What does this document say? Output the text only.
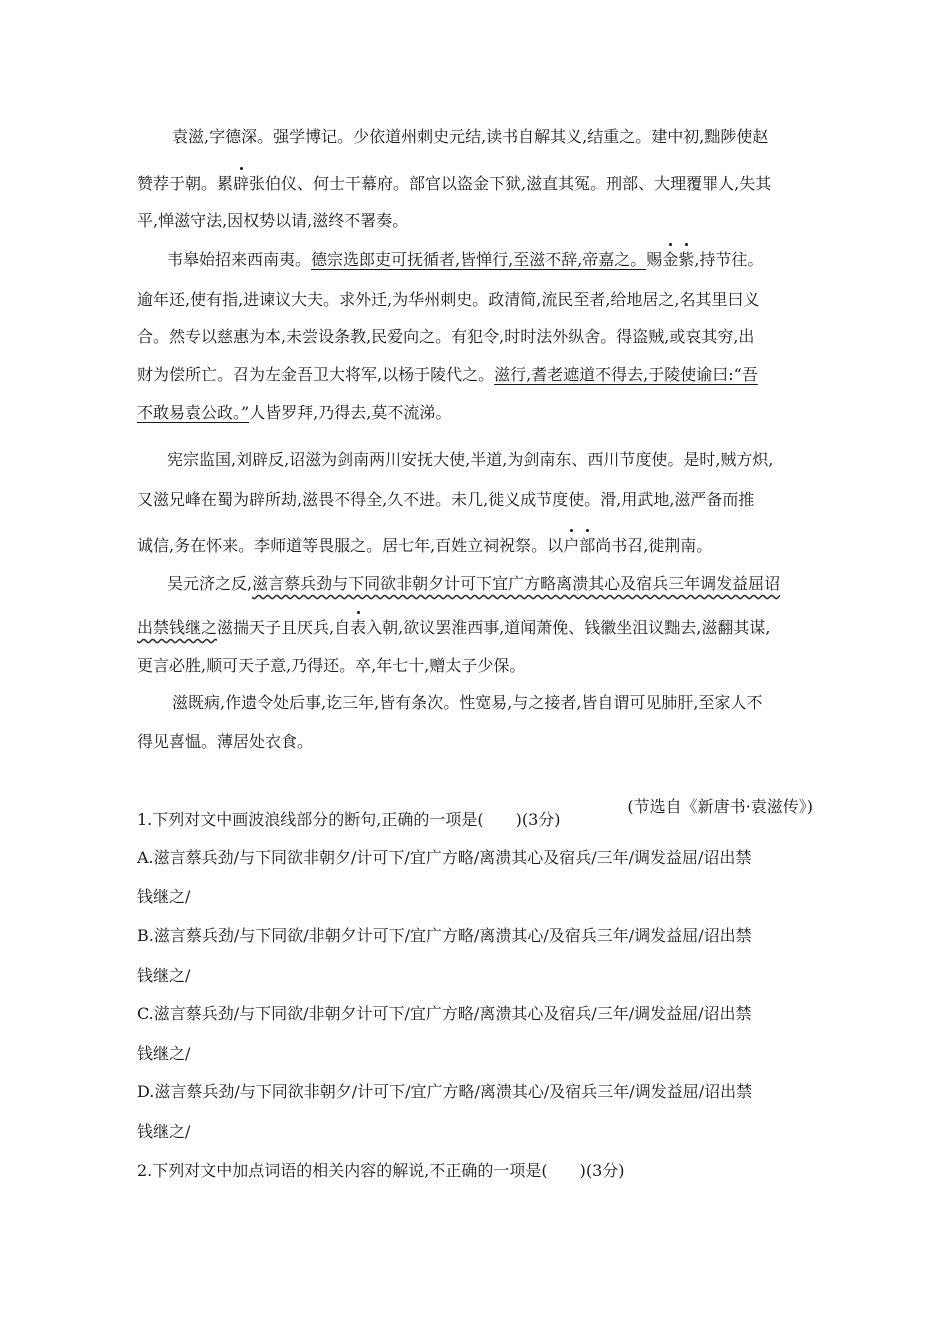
袁滋,字德深。强学博记。少依道州刺史元结,读书自解其义,结重之。建中初,黜陟使赵
赞荐于朝。累辟张伯仪、何士干幕府。部官以盗金下狱,滋直其冤。刑部、大理覆罪人,失其
平,惮滋守法,因权势以请,滋终不署奏。
韦皋始招来西南夷。德宗选郎吏可抚循者,皆惮行,至滋不辞,帝嘉之。赐金紫,持节往。
逾年还,使有指,进谏议大夫。求外迁,为华州刺史。政清简,流民至者,给地居之,名其里曰义
合。然专以慈惠为本,未尝设条教,民爱向之。有犯令,时时法外纵舍。得盗贼,或哀其穷,出
财为偿所亡。召为左金吾卫大将军,以杨于陵代之。滋行,耆老遮道不得去,于陵使谕曰:“吾
不敢易袁公政。”人皆罗拜,乃得去,莫不流涕。
宪宗监国,刘辟反,诏滋为剑南两川安抚大使,半道,为剑南东、西川节度使。是时,贼方炽,
又滋兄峰在蜀为辟所劫,滋畏不得全,久不进。未几,徙义成节度使。滑,用武地,滋严备而推
诚信,务在怀来。李师道等畏服之。居七年,百姓立祠祝祭。以户部尚书召,徙荆南。
吴元济之反,滋言蔡兵劲与下同欲非朝夕计可下宜广方略离溃其心及宿兵三年调发益屈诏
出禁钱继之滋揣天子且厌兵,自表入朝,欲议罢淮西事,道闻萧俛、钱徽坐沮议黜去,滋翻其谋,
更言必胜,顺可天子意,乃得还。卒,年七十,赠太子少保。
滋既病,作遗令处后事,讫三年,皆有条次。性宽易,与之接者,皆自谓可见肺肝,至家人不
得见喜愠。薄居处衣食。
(节选自《新唐书·袁滋传》)
1.下列对文中画波浪线部分的断句,正确的一项是(　　)(3分)
A.滋言蔡兵劲/与下同欲非朝夕/计可下/宜广方略/离溃其心及宿兵/三年/调发益屈/诏出禁
钱继之/
B.滋言蔡兵劲/与下同欲/非朝夕计可下/宜广方略/离溃其心/及宿兵三年/调发益屈/诏出禁
钱继之/
C.滋言蔡兵劲/与下同欲/非朝夕计可下/宜广方略/离溃其心及宿兵/三年/调发益屈/诏出禁
钱继之/
D.滋言蔡兵劲/与下同欲非朝夕/计可下/宜广方略/离溃其心/及宿兵三年/调发益屈/诏出禁
钱继之/
2.下列对文中加点词语的相关内容的解说,不正确的一项是(　　)(3分)
